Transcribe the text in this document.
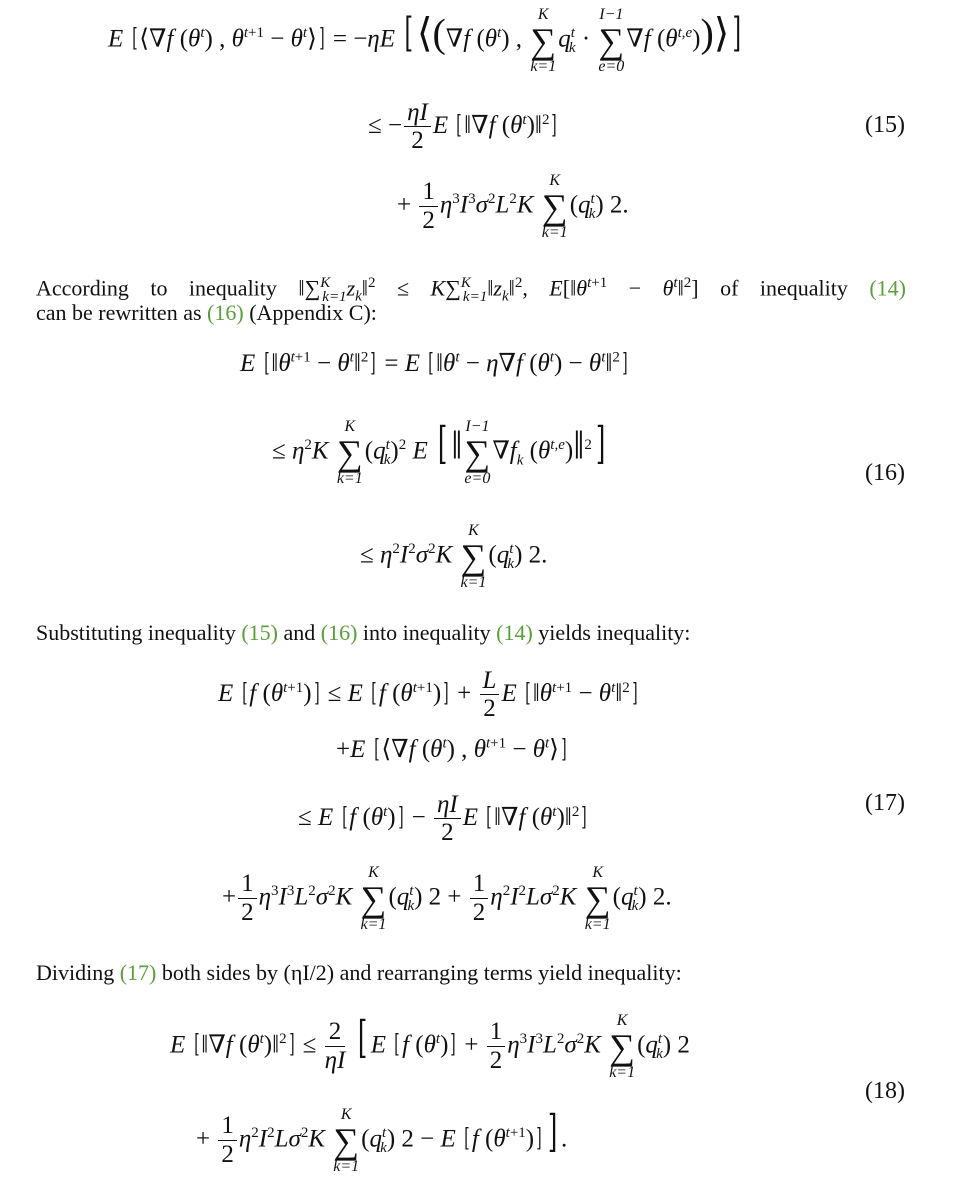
E [⟨∇f $(\theta^t)$ , $\theta^{t+1}$ − $\theta^t⟩] = -\eta E$ [⟨(∇f $(\theta^t)$ ,
K
∑
k=1
$q^t_k$ ·
I−1
∑
e=0
∇f $(\theta^{t,e}))⟩$]
≤ − $\frac{\eta I}{2}$ E [‖∇f $(\theta^t)‖^2$]	(15)
+ $\frac{1}{2} \eta^3I^3\sigma^2L^2K$
K
∑
k=1
$(q^t_k)$ 2.
According to inequality $‖\sum^K_{k=1}z_k‖^2$ ≤ $K\sum^K_{k=1}‖z_k‖^2$, $E[‖\theta^{t+1}$ − $\theta^t‖^2$] of inequality (14)
can be rewritten as (16) (Appendix C):
E [$‖\theta^{t+1}$ − $\theta^t‖^2] = E$ [$‖\theta^t - \eta\nabla f$ $(\theta^t)$ − $\theta^t‖^2$]
≤ $\eta^2K$
K
∑
k=1
$(q^t_k)^2$ E [‖ I−1
∑
e=0
$\nabla f_k$ $(\theta^{t,e})‖^2$]
(16)
≤ $\eta^2I^2\sigma^2K$
K
∑
k=1
$(q^t_k)$ 2.
Substituting inequality (15) and (16) into inequality (14) yields inequality:
E [f $(\theta^{t+1})] \le E$ [f $(\theta^{t+1})] + \frac{L}{2}$ E [$‖\theta^{t+1}$ − $\theta^t‖^2$]
+E [⟨∇f $(\theta^t)$ , $\theta^{t+1}$ − $\theta^t⟩$]
≤ E [f $(\theta^t)] - \frac{\eta I}{2}$ E [‖∇f $(\theta^t)‖^2$]	(17)
+ $\frac{1}{2} \eta^3I^3L^2\sigma^2K$
K
∑
k=1
$(q^t_k) 2 + \frac{1}{2} \eta^2I^2L\sigma^2K$
K
∑
k=1
$(q^t_k)$ 2.
Dividing (17) both sides by (ηI/2) and rearranging terms yield inequality:
E [‖∇f $(\theta^t)‖^2] \le \frac{2}{\eta I}$ [ E [f $(\theta^t)] + \frac{1}{2} \eta^3I^3L^2\sigma^2K$
K
∑
k=1
$(q^t_k)$ 2
(18)
+ $\frac{1}{2} \eta^2I^2L\sigma^2K$
K
∑
k=1
$(q^t_k) 2 - E$ [f $(\theta^{t+1})$] ] .
